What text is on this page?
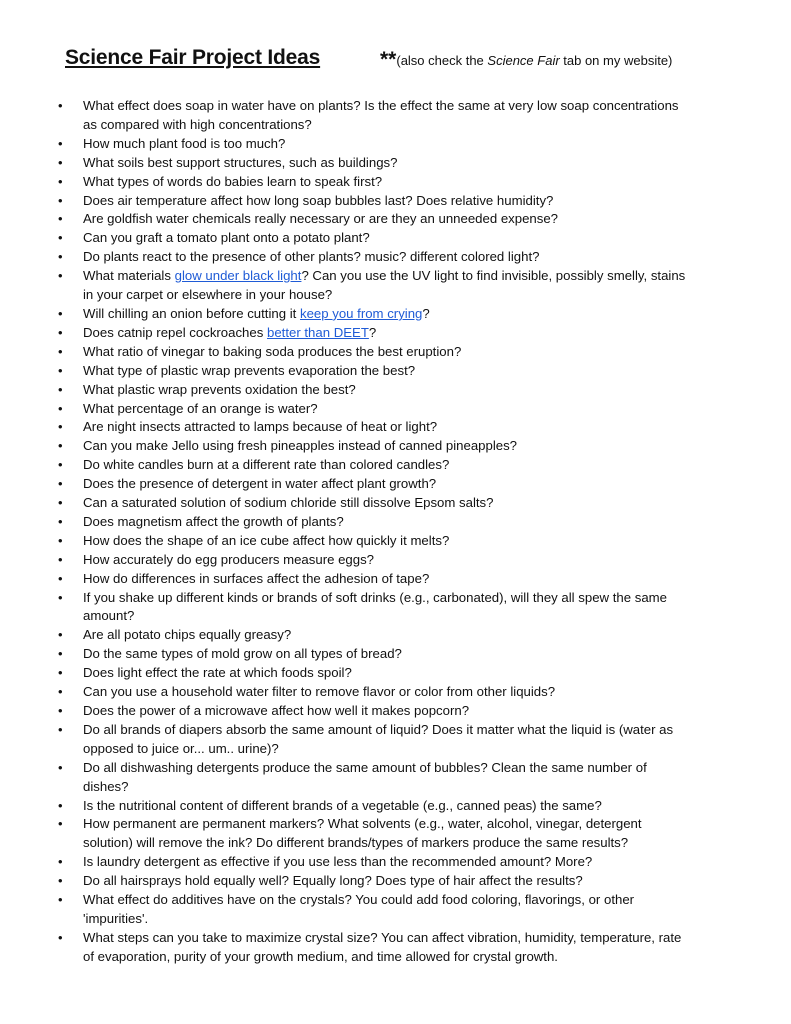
Science Fair Project Ideas	**(also check the Science Fair tab on my website)
• What effect does soap in water have on plants? Is the effect the same at very low soap concentrations
as compared with high concentrations?
• How much plant food is too much?
• What soils best support structures, such as buildings?
• What types of words do babies learn to speak first?
• Does air temperature affect how long soap bubbles last? Does relative humidity?
• Are goldfish water chemicals really necessary or are they an unneeded expense?
• Can you graft a tomato plant onto a potato plant?
• Do plants react to the presence of other plants? music? different colored light?
• What materials glow under black light? Can you use the UV light to find invisible, possibly smelly, stains
in your carpet or elsewhere in your house?
• Will chilling an onion before cutting it keep you from crying?
• Does catnip repel cockroaches better than DEET?
• What ratio of vinegar to baking soda produces the best eruption?
• What type of plastic wrap prevents evaporation the best?
• What plastic wrap prevents oxidation the best?
• What percentage of an orange is water?
• Are night insects attracted to lamps because of heat or light?
• Can you make Jello using fresh pineapples instead of canned pineapples?
• Do white candles burn at a different rate than colored candles?
• Does the presence of detergent in water affect plant growth?
• Can a saturated solution of sodium chloride still dissolve Epsom salts?
• Does magnetism affect the growth of plants?
• How does the shape of an ice cube affect how quickly it melts?
• How accurately do egg producers measure eggs?
• How do differences in surfaces affect the adhesion of tape?
• If you shake up different kinds or brands of soft drinks (e.g., carbonated), will they all spew the same
amount?
• Are all potato chips equally greasy?
• Do the same types of mold grow on all types of bread?
• Does light effect the rate at which foods spoil?
• Can you use a household water filter to remove flavor or color from other liquids?
• Does the power of a microwave affect how well it makes popcorn?
• Do all brands of diapers absorb the same amount of liquid? Does it matter what the liquid is (water as
opposed to juice or... um.. urine)?
• Do all dishwashing detergents produce the same amount of bubbles? Clean the same number of
dishes?
• Is the nutritional content of different brands of a vegetable (e.g., canned peas) the same?
• How permanent are permanent markers? What solvents (e.g., water, alcohol, vinegar, detergent
solution) will remove the ink? Do different brands/types of markers produce the same results?
• Is laundry detergent as effective if you use less than the recommended amount? More?
• Do all hairsprays hold equally well? Equally long? Does type of hair affect the results?
• What effect do additives have on the crystals? You could add food coloring, flavorings, or other
'impurities'.
• What steps can you take to maximize crystal size? You can affect vibration, humidity, temperature, rate
of evaporation, purity of your growth medium, and time allowed for crystal growth.
